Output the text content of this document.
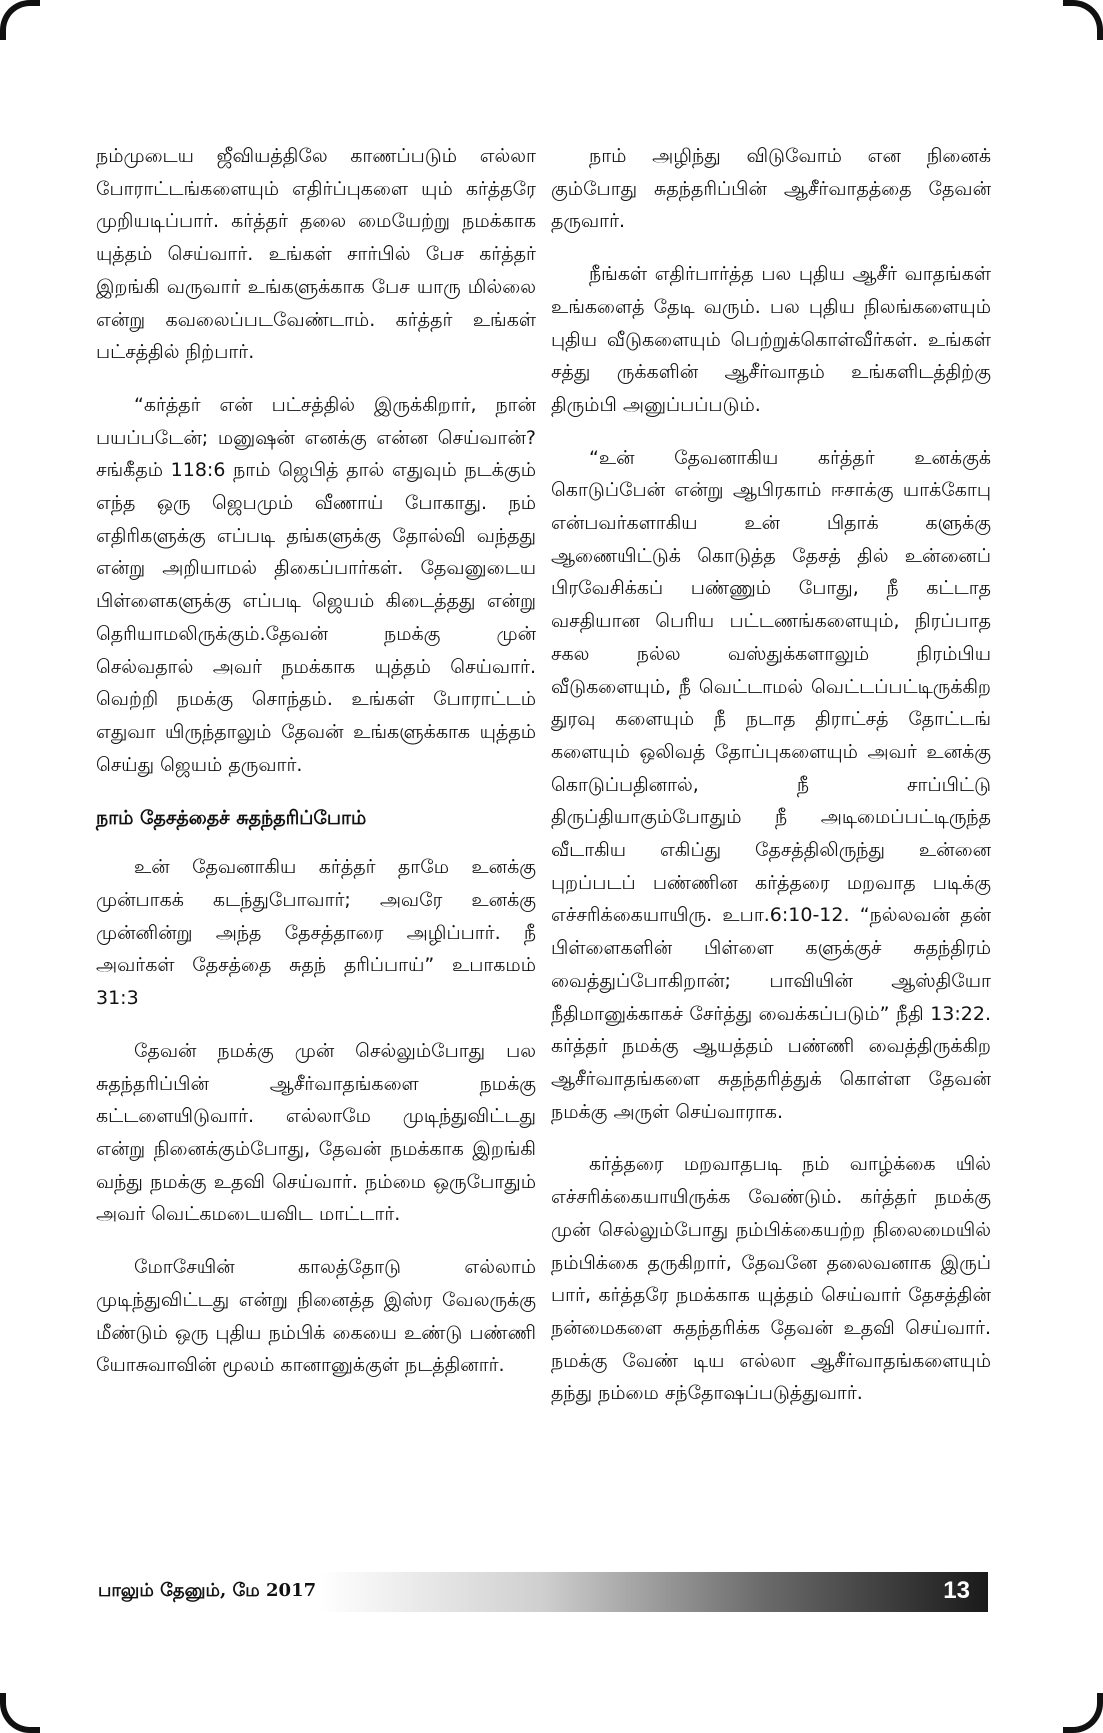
நம்முடைய ஜீவியத்திலே காணப்படும் எல்லா போராட்டங்களையும் எதிர்ப்புகளை யும் கர்த்தரே முறியடிப்பார். கர்த்தர் தலை மையேற்று நமக்காக யுத்தம் செய்வார். உங்கள் சார்பில் பேச கர்த்தர் இறங்கி வருவார் உங்களுக்காக பேச யாரு மில்லை என்று கவலைப்படவேண்டாம். கர்த்தர் உங்கள் பட்சத்தில் நிற்பார்.

“கர்த்தர் என் பட்சத்தில் இருக்கிறார், நான் பயப்படேன்; மனுஷன் எனக்கு என்ன செய்வான்? சங்கீதம் 118:6 நாம் ஜெபித் தால் எதுவும் நடக்கும் எந்த ஒரு ஜெபமும் வீணாய் போகாது. நம் எதிரிகளுக்கு எப்படி தங்களுக்கு தோல்வி வந்தது என்று அறியாமல் திகைப்பார்கள். தேவனுடைய பிள்ளைகளுக்கு எப்படி ஜெயம் கிடைத்தது என்று தெரியாமலிருக்கும்.தேவன் நமக்கு முன் செல்வதால் அவர் நமக்காக யுத்தம் செய்வார். வெற்றி நமக்கு சொந்தம். உங்கள் போராட்டம் எதுவா யிருந்தாலும் தேவன் உங்களுக்காக யுத்தம் செய்து ஜெயம் தருவார்.

நாம் தேசத்தைச் சுதந்தரிப்போம்

உன் தேவனாகிய கர்த்தர் தாமே உனக்கு முன்பாகக் கடந்துபோவார்; அவரே உனக்கு முன்னின்று அந்த தேசத்தாரை அழிப்பார். நீ அவர்கள் தேசத்தை சுதந் தரிப்பாய்” உபாகமம் 31:3

தேவன் நமக்கு முன் செல்லும்போது பல சுதந்தரிப்பின் ஆசீர்வாதங்களை நமக்கு கட்டளையிடுவார். எல்லாமே முடிந்துவிட்டது என்று நினைக்கும்போது, தேவன் நமக்காக இறங்கி வந்து நமக்கு உதவி செய்வார். நம்மை ஒருபோதும் அவர் வெட்கமடையவிட மாட்டார்.

மோசேயின் காலத்தோடு எல்லாம் முடிந்துவிட்டது என்று நினைத்த இஸ்ர வேலருக்கு மீண்டும் ஒரு புதிய நம்பிக் கையை உண்டு பண்ணி யோசுவாவின் மூலம் கானானுக்குள் நடத்தினார்.

நாம் அழிந்து விடுவோம் என நினைக் கும்போது சுதந்தரிப்பின் ஆசீர்வாதத்தை தேவன் தருவார்.

நீங்கள் எதிர்பார்த்த பல புதிய ஆசீர் வாதங்கள் உங்களைத் தேடி வரும். பல புதிய நிலங்களையும் புதிய வீடுகளையும் பெற்றுக்கொள்வீர்கள். உங்கள் சத்து ருக்களின் ஆசீர்வாதம் உங்களிடத்திற்கு திரும்பி அனுப்பப்படும்.

“உன் தேவனாகிய கர்த்தர் உனக்குக் கொடுப்பேன் என்று ஆபிரகாம் ஈசாக்கு யாக்கோபு என்பவர்களாகிய உன் பிதாக் களுக்கு ஆணையிட்டுக் கொடுத்த தேசத் தில் உன்னைப் பிரவேசிக்கப் பண்ணும் போது, நீ கட்டாத வசதியான பெரிய பட்டணங்களையும், நிரப்பாத சகல நல்ல வஸ்துக்களாலும் நிரம்பிய வீடுகளையும், நீ வெட்டாமல் வெட்டப்பட்டிருக்கிற துரவு களையும் நீ நடாத திராட்சத் தோட்டங் களையும் ஒலிவத் தோப்புகளையும் அவர் உனக்கு கொடுப்பதினால், நீ சாப்பிட்டு திருப்தியாகும்போதும் நீ அடிமைப்பட்டிருந்த வீடாகிய எகிப்து தேசத்திலிருந்து உன்னை புறப்படப் பண்ணின கர்த்தரை மறவாத படிக்கு எச்சரிக்கையாயிரு. உபா.6:10-12. “நல்லவன் தன் பிள்ளைகளின் பிள்ளை களுக்குச் சுதந்திரம் வைத்துப்போகிறான்; பாவியின் ஆஸ்தியோ நீதிமானுக்காகச் சேர்த்து வைக்கப்படும்” நீதி 13:22. கர்த்தர் நமக்கு ஆயத்தம் பண்ணி வைத்திருக்கிற ஆசீர்வாதங்களை சுதந்தரித்துக் கொள்ள தேவன் நமக்கு அருள் செய்வாராக.

கர்த்தரை மறவாதபடி நம் வாழ்க்கை யில் எச்சரிக்கையாயிருக்க வேண்டும். கர்த்தர் நமக்கு முன் செல்லும்போது நம்பிக்கையற்ற நிலைமையில் நம்பிக்கை தருகிறார், தேவனே தலைவனாக இருப் பார், கர்த்தரே நமக்காக யுத்தம் செய்வார் தேசத்தின் நன்மைகளை சுதந்தரிக்க தேவன் உதவி செய்வார். நமக்கு வேண் டிய எல்லா ஆசீர்வாதங்களையும் தந்து நம்மை சந்தோஷப்படுத்துவார்.

பாலும் தேனும், மே 2017	13
